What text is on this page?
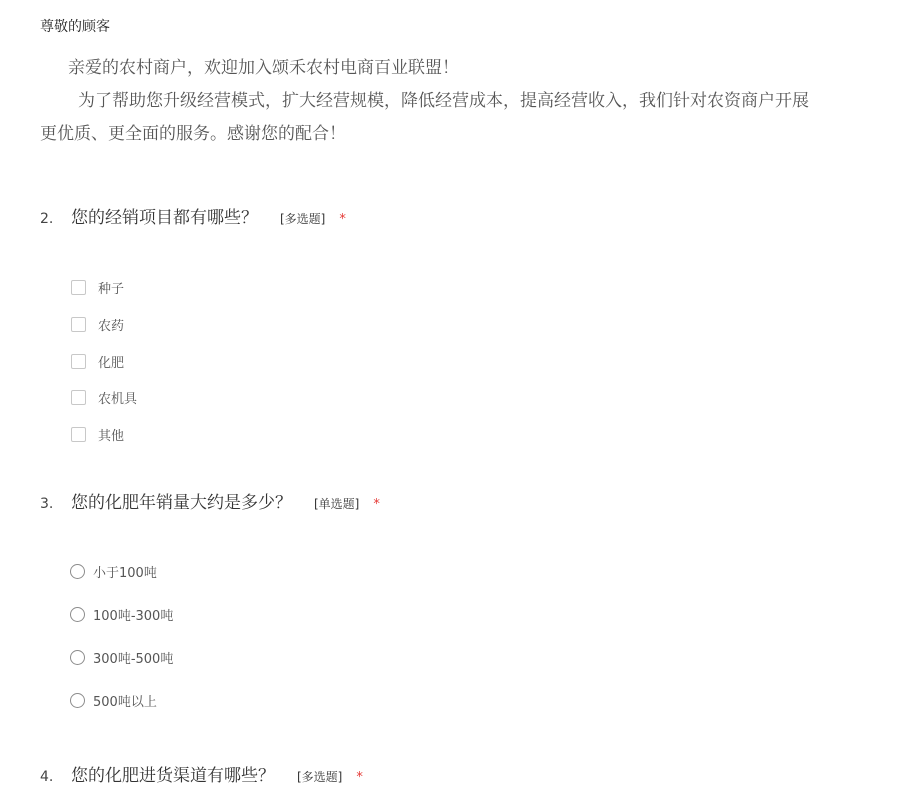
尊敬的顾客

亲爱的农村商户，欢迎加入颂禾农村电商百业联盟！

为了帮助您升级经营模式，扩大经营规模，降低经营成本，提高经营收入，我们针对农资商户开展

更优质、更全面的服务。感谢您的配合！

2.	您的经销项目都有哪些？ [多选题] *
种子
农药
化肥
农机具
其他
3.	您的化肥年销量大约是多少？ [单选题] *
小于100吨
100吨-300吨
300吨-500吨
500吨以上
4.	您的化肥进货渠道有哪些？ [多选题] *
